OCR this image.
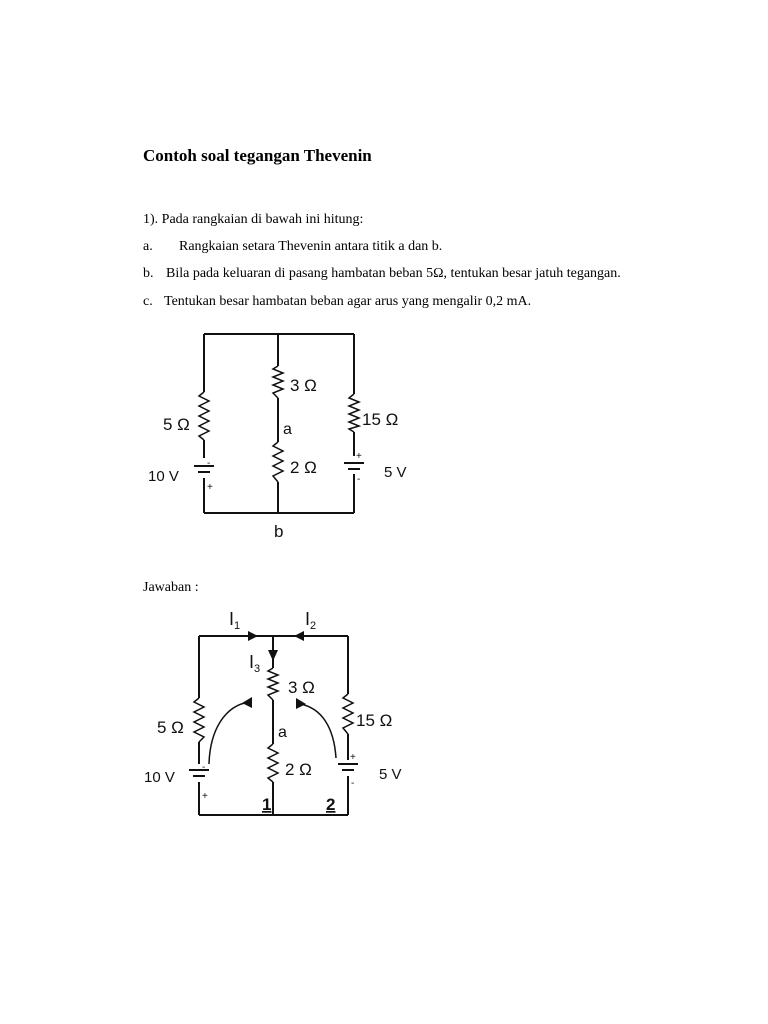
Contoh soal tegangan Thevenin
1). Pada rangkaian di bawah ini hitung:
a. Rangkaian setara Thevenin antara titik a dan b.
b. Bila pada keluaran di pasang hambatan beban 5Ω, tentukan besar jatuh tegangan.
c. Tentukan besar hambatan beban agar arus yang mengalir 0,2 mA.
5 Ω
10 V
-
+
3 Ω
a
2 Ω
15 Ω
+
- 5 V
b
Jawaban :
$I_1$	$I_2$
$I_3$
5 Ω
10 V
-
+
3 Ω
a
2 Ω
15 Ω
+
-
5 V
1	2
